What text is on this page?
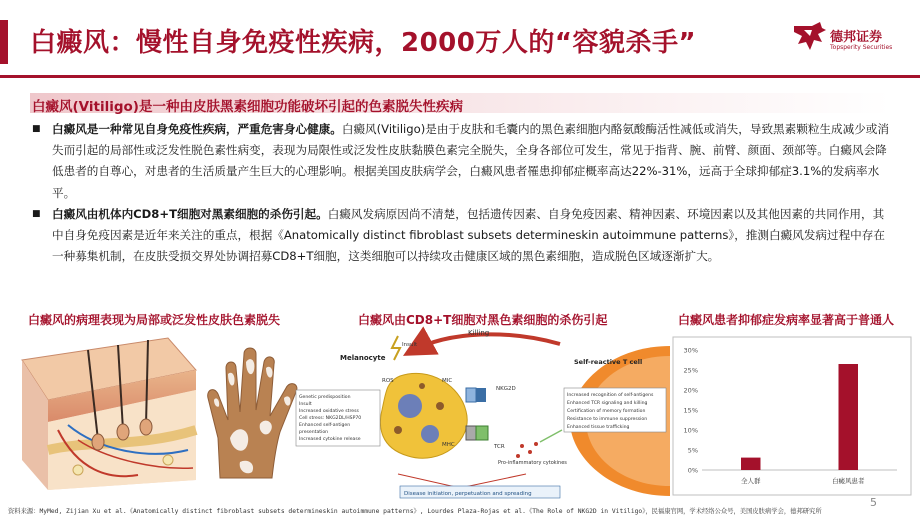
白癜风：慢性自身免疫性疾病，2000万人的“容貌杀手”	德邦证券
Topsperity Securities
白癜风(Vitiligo)是一种由皮肤黑素细胞功能破坏引起的色素脱失性疾病
■ 白癜风是一种常见自身免疫性疾病，严重危害身心健康。白癜风(Vitiligo)是由于皮肤和毛囊内的黑色素细胞内酪氨酸酶活性减低或消失，导致黑素颗粒生成减少或消失而引起的局部性或泛发性脱色素性病变，表现为局限性或泛发性皮肤黏膜色素完全脱失，全身各部位可发生，常见于指背、腕、前臂、颜面、颈部等。白癜风会降低患者的自尊心，对患者的生活质量产生巨大的心理影响。根据美国皮肤病学会，白癜风患者罹患抑郁症概率高达22%-31%，远高于全球抑郁症3.1%的发病率水平。
■ 白癜风由机体内CD8+T细胞对黑素细胞的杀伤引起。白癜风发病原因尚不清楚，包括遗传因素、自身免疫因素、精神因素、环境因素以及其他因素的共同作用，其中自身免疫因素是近年来关注的重点，根据《Anatomically distinct fibroblast subsets determineskin autoimmune patterns》，推测白癜风发病过程中存在一种募集机制，在皮肤受损交界处协调招募CD8+T细胞，这类细胞可以持续攻击健康区域的黑色素细胞，造成脱色区域逐渐扩大。
白癜风的病理表现为局部或泛发性皮肤色素脱失	白癜风由CD8+T细胞对黑色素细胞的杀伤引起	白癜风患者抑郁症发病率显著高于普通人
Killing
Insult
Melanocyte
ROS	MIC
MHC
NKG2D
TCR
Self-reactive T cell
Genetic predisposition
Insult
Increased oxidative stress
Cell stress: NKG2DL/HSP70
Enhanced self-antigen
presentation
Increased cytokine release
Increased recognition of self-antigens
Enhanced TCR signaling and killing
Certification of memory formation
Resistance to immune suppression
Enhanced tissue trafficking
Pro-inflammatory cytokines
Disease initiation, perpetuation and spreading
0%
5%
10%
15%
20%
25%
30%
全人群	白癜风患者
资料来源：MyMed, Zijian Xu et al.《Anatomically distinct fibroblast subsets determineskin autoimmune patterns》, Lourdes Plaza-Rojas et al.《The Role of NKG2D in Vitiligo》，民福康官网，学术经络公众号，美国皮肤病学会，德邦研究所
5
